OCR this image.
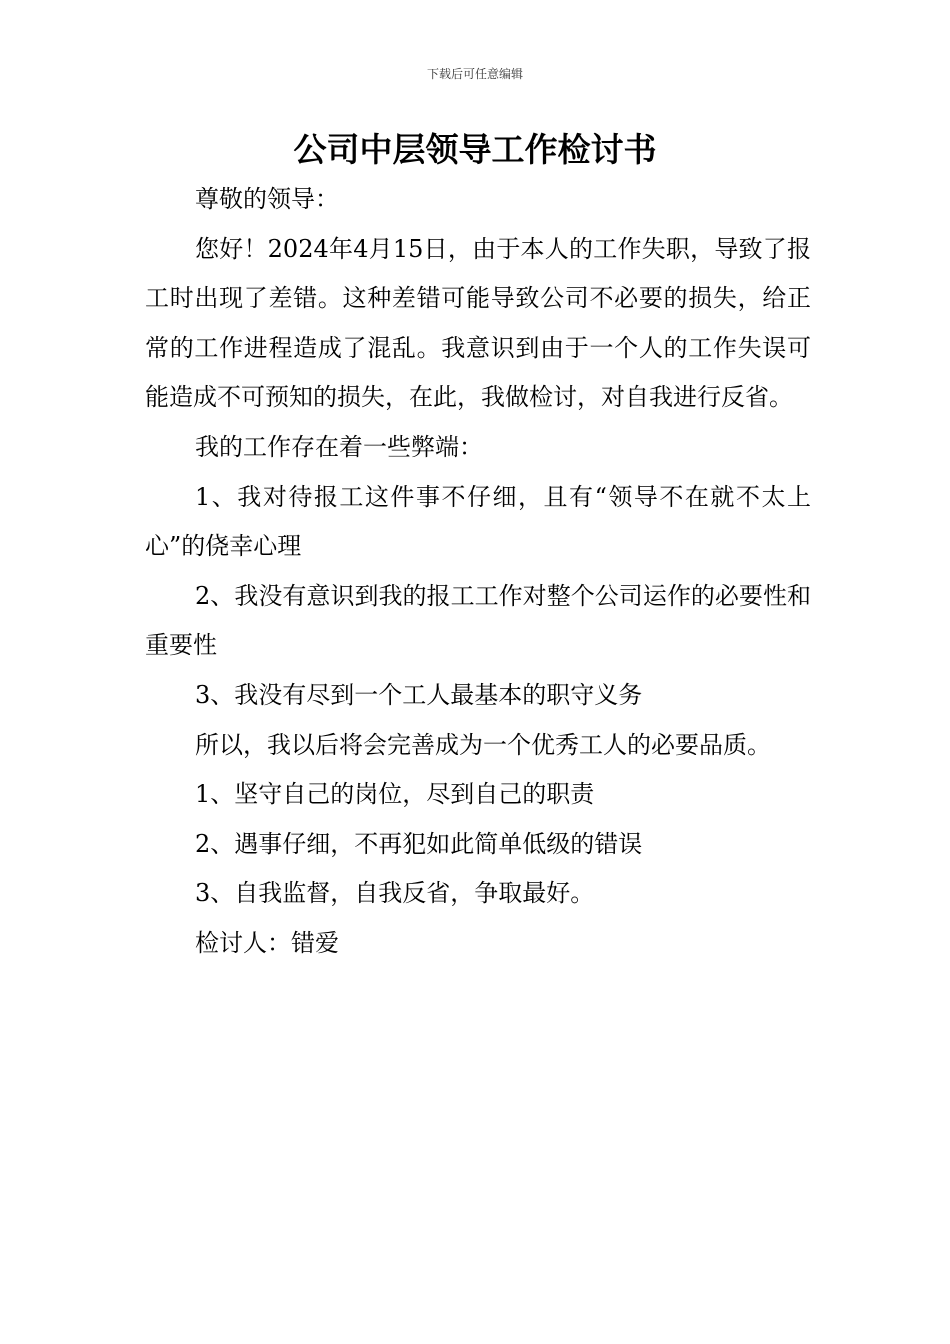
下载后可任意编辑
公司中层领导工作检讨书

尊敬的领导：

您好！2024年4月15日，由于本人的工作失职，导致了报工时出现了差错。这种差错可能导致公司不必要的损失，给正常的工作进程造成了混乱。我意识到由于一个人的工作失误可能造成不可预知的损失，在此，我做检讨，对自我进行反省。

我的工作存在着一些弊端：

1、我对待报工这件事不仔细，且有“领导不在就不太上心”的侥幸心理

2、我没有意识到我的报工工作对整个公司运作的必要性和重要性

3、我没有尽到一个工人最基本的职守义务

所以，我以后将会完善成为一个优秀工人的必要品质。

1、坚守自己的岗位，尽到自己的职责

2、遇事仔细，不再犯如此简单低级的错误

3、自我监督，自我反省，争取最好。

检讨人：错爱
